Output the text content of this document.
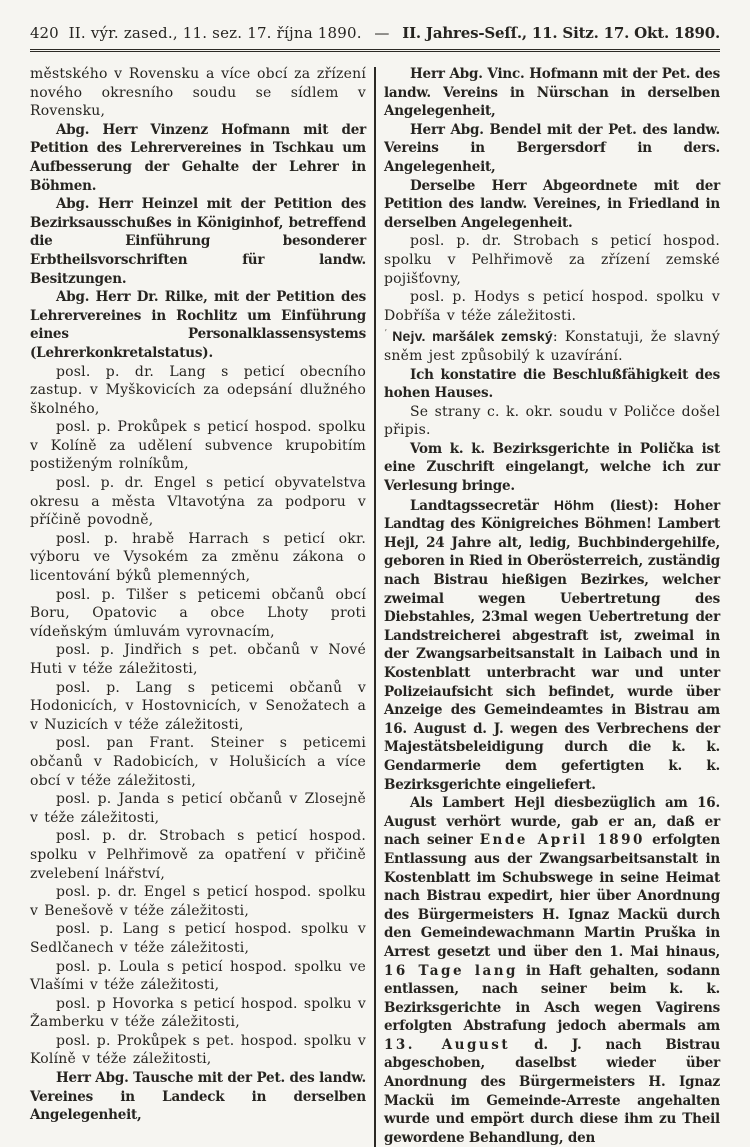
420 II. výr. zased., 11. sez. 17. října 1890. — II. Jahres-Seſſ., 11. Sitz. 17. Okt. 1890.

městského v Rovensku a více obcí za zřízení nového okresního soudu se sídlem v Rovensku,

Abg. Herr Vinzenz Hofmann mit der Petition des Lehrervereines in Tschkau um Aufbesserung der Gehalte der Lehrer in Böhmen.

Abg. Herr Heinzel mit der Petition des Bezirksausschußes in Königinhof, betreffend die Einführung besonderer Erbtheilsvorschriften für landw. Besitzungen.

Abg. Herr Dr. Rilke, mit der Petition des Lehrervereines in Rochlitz um Einführung eines Personalklassensystems (Lehrerkonkretalstatus).

posl. p. dr. Lang s peticí obecního zastup. v Myškovicích za odepsání dlužného školného,

posl. p. Prokůpek s peticí hospod. spolku v Kolíně za udělení subvence krupobitím postiženým rolníkům,

posl. p. dr. Engel s peticí obyvatelstva okresu a města Vltavotýna za podporu v příčině povodně,

posl. p. hrabě Harrach s peticí okr. výboru ve Vysokém za změnu zákona o licentování býků plemenných,

posl. p. Tilšer s peticemi občanů obcí Boru, Opatovic a obce Lhoty proti vídeňským úmluvám vyrovnacím,

posl. p. Jindřich s pet. občanů v Nové Huti v téže záležitosti,

posl. p. Lang s peticemi občanů v Hodonicích, v Hostovnicích, v Senožatech a v Nuzicích v téže záležitosti,

posl. pan Frant. Steiner s peticemi občanů v Radobicích, v Holušicích a více obcí v téže záležitosti,

posl. p. Janda s peticí občanů v Zlosejně v téže záležitosti,

posl. p. dr. Strobach s peticí hospod. spolku v Pelhřimově za opatření v přičině zvelebení lnářství,

posl. p. dr. Engel s peticí hospod. spolku v Benešově v téže záležitosti,

posl. p. Lang s peticí hospod. spolku v Sedlčanech v téže záležitosti,

posl. p. Loula s peticí hospod. spolku ve Vlašími v téže záležitosti,

posl. p Hovorka s peticí hospod. spolku v Žamberku v téže záležitosti,

posl. p. Prokůpek s pet. hospod. spolku v Kolíně v téže záležitosti,

Herr Abg. Tausche mit der Pet. des landw. Vereines in Landeck in derselben Angelegenheit,

Herr Abg. Vinc. Hofmann mit der Pet. des landw. Vereins in Nürschan in derselben Angelegenheit,

Herr Abg. Bendel mit der Pet. des landw. Vereins in Bergersdorf in ders. Angelegenheit,

Derselbe Herr Abgeordnete mit der Petition des landw. Vereines, in Friedland in derselben Angelegenheit.

posl. p. dr. Strobach s peticí hospod. spolku v Pelhřimově za zřízení zemské pojišťovny,

posl. p. Hodys s peticí hospod. spolku v Dobříša v téže záležitosti.

$^ʼ$ Nejv. maršálek zemský: Konstatuji, že slavný sněm jest způsobilý k uzavírání.

Ich konstatire die Beschlußfähigkeit des hohen Hauses.

Se strany c. k. okr. soudu v Poličce došel připis.

Vom k. k. Bezirksgerichte in Polička ist eine Zuschrift eingelangt, welche ich zur Verlesung bringe.

Landtagssecretär Höhm (liest): Hoher Landtag des Königreiches Böhmen! Lambert Hejl, 24 Jahre alt, ledig, Buchbindergehilfe, geboren in Ried in Oberösterreich, zuständig nach Bistrau hießigen Bezirkes, welcher zweimal wegen Uebertretung des Diebstahles, 23mal wegen Uebertretung der Landstreicherei abgestraft ist, zweimal in der Zwangsarbeitsanstalt in Laibach und in Kostenblatt unterbracht war und unter Polizeiaufsicht sich befindet, wurde über Anzeige des Gemeindeamtes in Bistrau am 16. August d. J. wegen des Verbrechens der Majestätsbeleidigung durch die k. k. Gendarmerie dem gefertigten k. k. Bezirksgerichte eingeliefert.

Als Lambert Hejl diesbezüglich am 16. August verhört wurde, gab er an, daß er nach seiner Ende April 1890 erfolgten Entlassung aus der Zwangsarbeitsanstalt in Kostenblatt im Schubswege in seine Heimat nach Bistrau expedirt, hier über Anordnung des Bürgermeisters H. Ignaz Mackü durch den Gemeindewachmann Martin Pruška in Arrest gesetzt und über den 1. Mai hinaus, 16 Tage lang in Haft gehalten, sodann entlassen, nach seiner beim k. k. Bezirksgerichte in Asch wegen Vagirens erfolgten Abstrafung jedoch abermals am 13. August d. J. nach Bistrau abgeschoben, daselbst wieder über Anordnung des Bürgermeisters H. Ignaz Mackü im Gemeinde-Arreste angehalten wurde und empört durch diese ihm zu Theil gewordene Behandlung, den
